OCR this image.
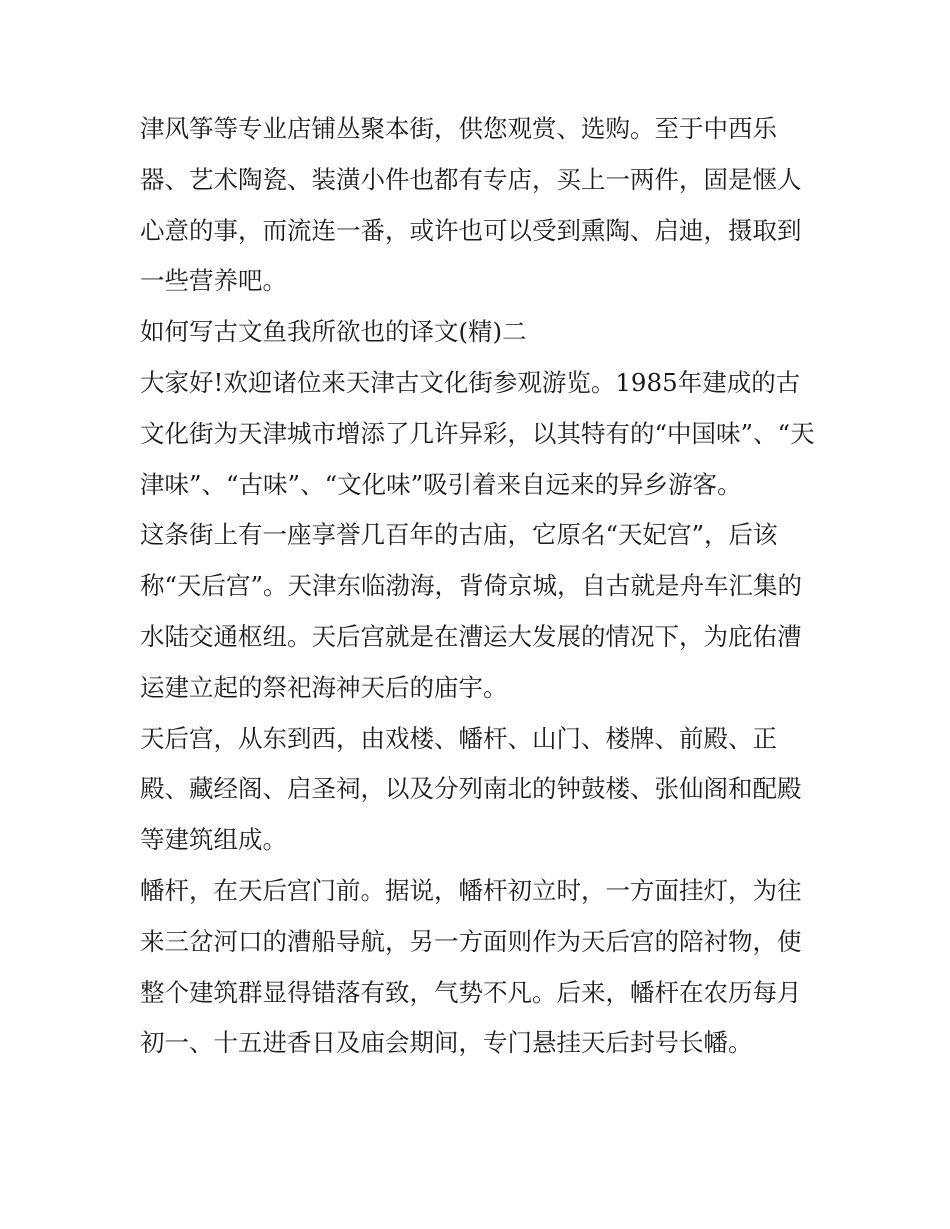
津风筝等专业店铺丛聚本街，供您观赏、选购。至于中西乐器、艺术陶瓷、装潢小件也都有专店，买上一两件，固是惬人心意的事，而流连一番，或许也可以受到熏陶、启迪，摄取到一些营养吧。

如何写古文鱼我所欲也的译文(精)二

大家好!欢迎诸位来天津古文化街参观游览。1985年建成的古文化街为天津城市增添了几许异彩，以其特有的“中国味”、“天津味”、“古味”、“文化味”吸引着来自远来的异乡游客。

这条街上有一座享誉几百年的古庙，它原名“天妃宫”，后该称“天后宫”。天津东临渤海，背倚京城，自古就是舟车汇集的水陆交通枢纽。天后宫就是在漕运大发展的情况下，为庇佑漕运建立起的祭祀海神天后的庙宇。

天后宫，从东到西，由戏楼、幡杆、山门、楼牌、前殿、正殿、藏经阁、启圣祠，以及分列南北的钟鼓楼、张仙阁和配殿等建筑组成。

幡杆，在天后宫门前。据说，幡杆初立时，一方面挂灯，为往来三岔河口的漕船导航，另一方面则作为天后宫的陪衬物，使整个建筑群显得错落有致，气势不凡。后来，幡杆在农历每月初一、十五进香日及庙会期间，专门悬挂天后封号长幡。
